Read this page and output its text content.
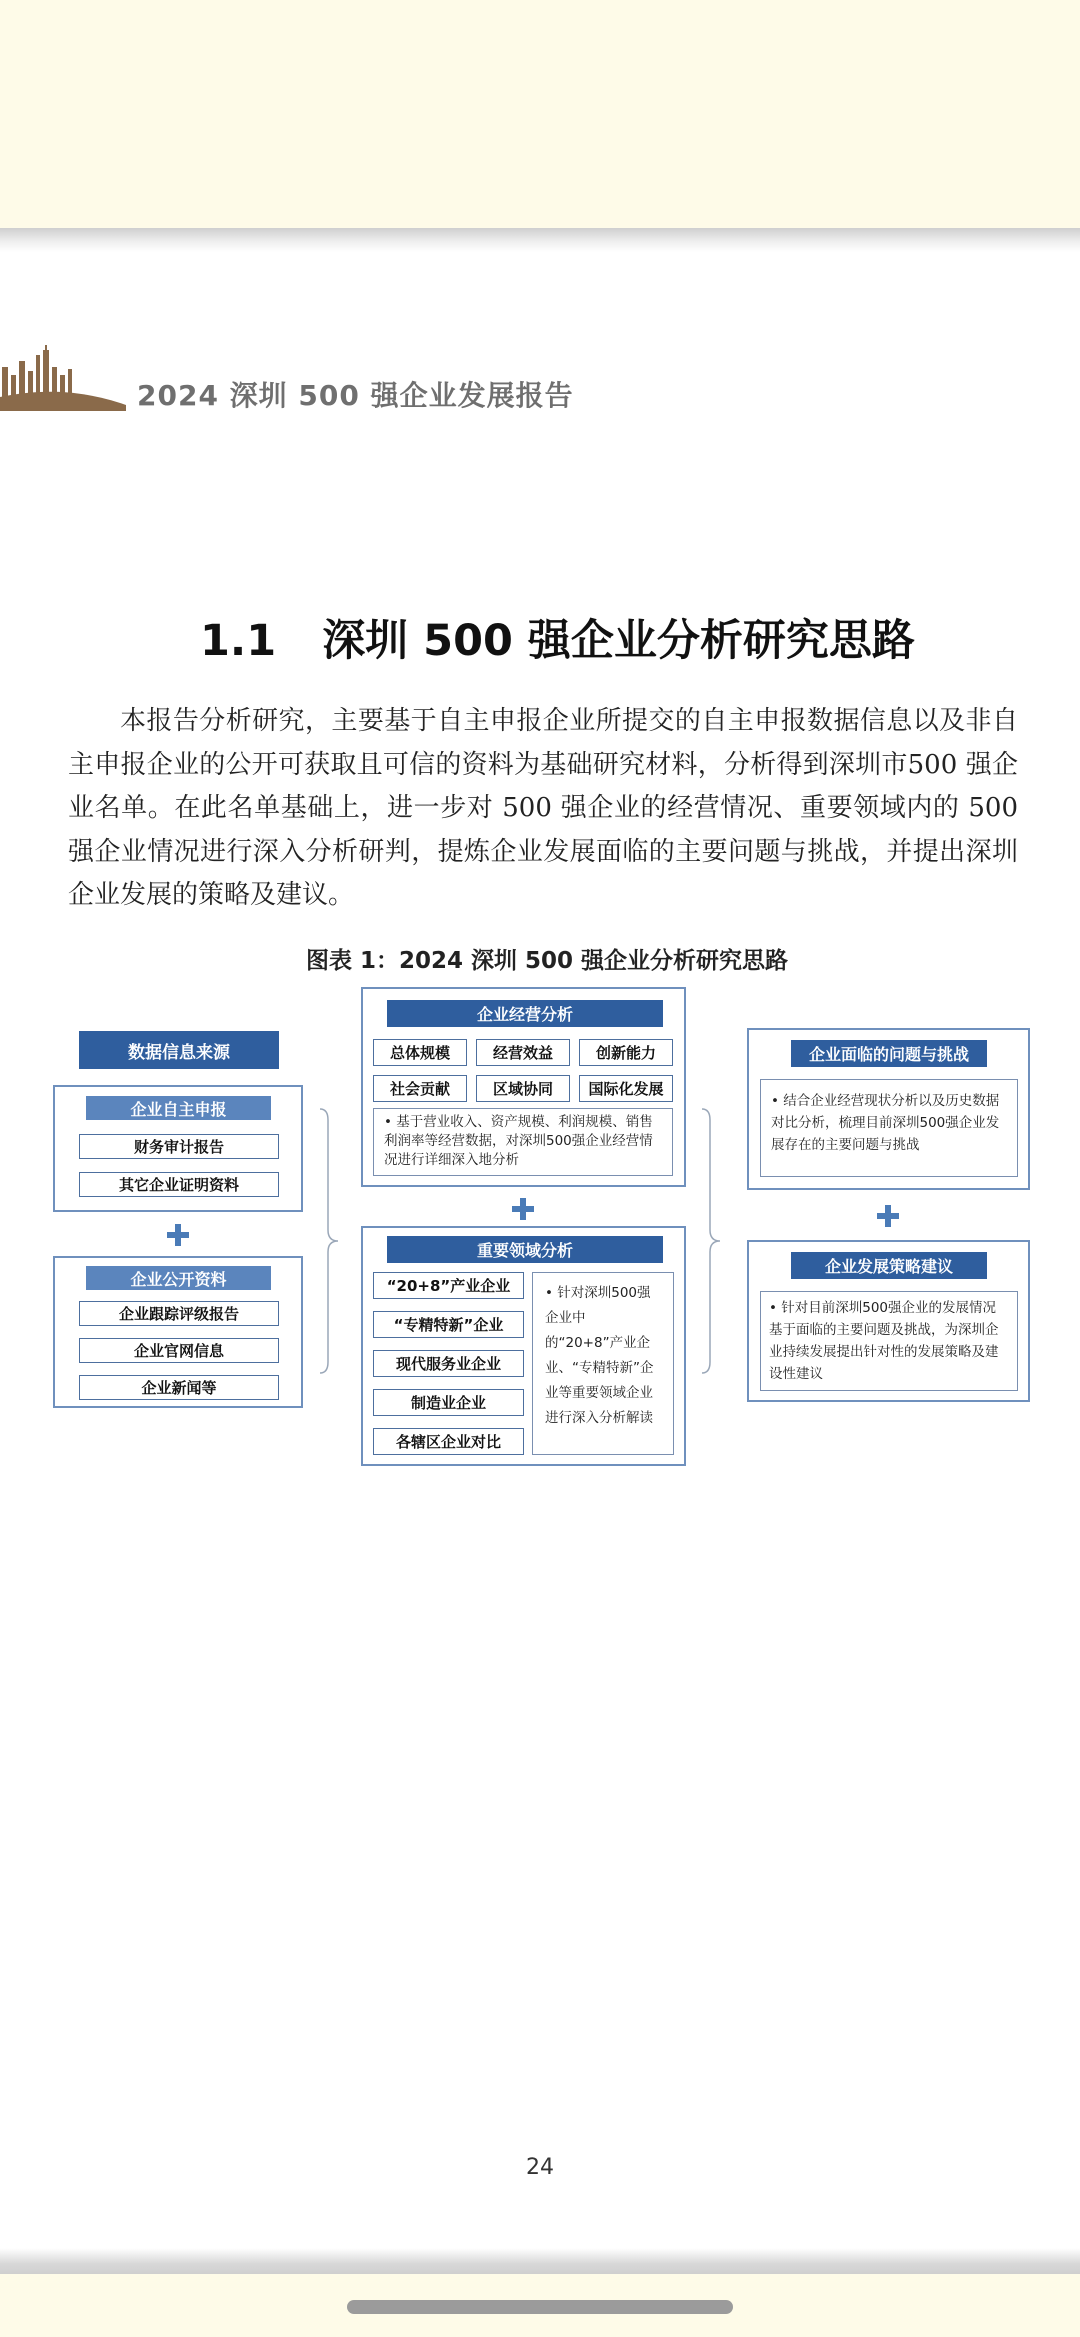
2024 深圳 500 强企业发展报告
1.1 深圳 500 强企业分析研究思路

本报告分析研究，主要基于自主申报企业所提交的自主申报数据信息以及非自主申报企业的公开可获取且可信的资料为基础研究材料，分析得到深圳市500 强企业名单。在此名单基础上，进一步对 500 强企业的经营情况、重要领域内的 500 强企业情况进行深入分析研判，提炼企业发展面临的主要问题与挑战，并提出深圳企业发展的策略及建议。

图表 1：2024 深圳 500 强企业分析研究思路
数据信息来源
企业自主申报
财务审计报告
其它企业证明资料
企业公开资料
企业跟踪评级报告
企业官网信息
企业新闻等
企业经营分析
总体规模	经营效益	创新能力
社会贡献	区域协同	国际化发展
• 基于营业收入、资产规模、利润规模、销售利润率等经营数据，对深圳500强企业经营情况进行详细深入地分析
重要领域分析
“20+8”产业企业
“专精特新”企业
现代服务业企业
制造业企业
各辖区企业对比
• 针对深圳500强企业中的“20+8”产业企业、“专精特新”企业等重要领域企业进行深入分析解读
企业面临的问题与挑战
• 结合企业经营现状分析以及历史数据对比分析，梳理目前深圳500强企业发展存在的主要问题与挑战
企业发展策略建议
• 针对目前深圳500强企业的发展情况基于面临的主要问题及挑战，为深圳企业持续发展提出针对性的发展策略及建设性建议
24
